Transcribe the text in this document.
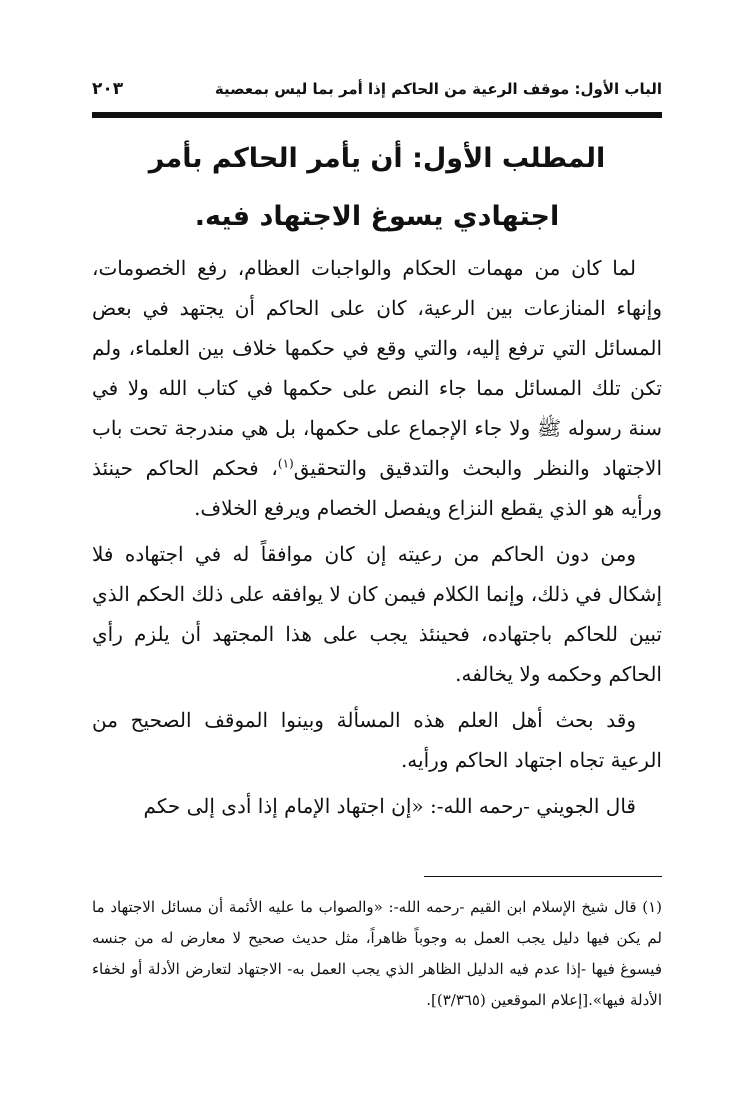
الباب الأول: موقف الرعية من الحاكم إذا أمر بما ليس بمعصية
٢٠٣
المطلب الأول: أن يأمر الحاكم بأمر اجتهادي يسوغ الاجتهاد فيه.

لما كان من مهمات الحكام والواجبات العظام، رفع الخصومات، وإنهاء المنازعات بين الرعية، كان على الحاكم أن يجتهد في بعض المسائل التي ترفع إليه، والتي وقع في حكمها خلاف بين العلماء، ولم تكن تلك المسائل مما جاء النص على حكمها في كتاب الله ولا في سنة رسوله ﷺ ولا جاء الإجماع على حكمها، بل هي مندرجة تحت باب الاجتهاد والنظر والبحث والتدقيق والتحقيق$^{(١)}$، فحكم الحاكم حينئذ ورأيه هو الذي يقطع النزاع ويفصل الخصام ويرفع الخلاف.

ومن دون الحاكم من رعيته إن كان موافقاً له في اجتهاده فلا إشكال في ذلك، وإنما الكلام فيمن كان لا يوافقه على ذلك الحكم الذي تبين للحاكم باجتهاده، فحينئذ يجب على هذا المجتهد أن يلزم رأي الحاكم وحكمه ولا يخالفه.

وقد بحث أهل العلم هذه المسألة وبينوا الموقف الصحيح من الرعية تجاه اجتهاد الحاكم ورأيه.

قال الجويني -رحمه الله-: «إن اجتهاد الإمام إذا أدى إلى حكم

(١) قال شيخ الإسلام ابن القيم -رحمه الله-: «والصواب ما عليه الأئمة أن مسائل الاجتهاد ما لم يكن فيها دليل يجب العمل به وجوباً ظاهراً، مثل حديث صحيح لا معارض له من جنسه فيسوغ فيها -إذا عدم فيه الدليل الظاهر الذي يجب العمل به- الاجتهاد لتعارض الأدلة أو لخفاء الأدلة فيها».[إعلام الموقعين (٣/٣٦٥)].
